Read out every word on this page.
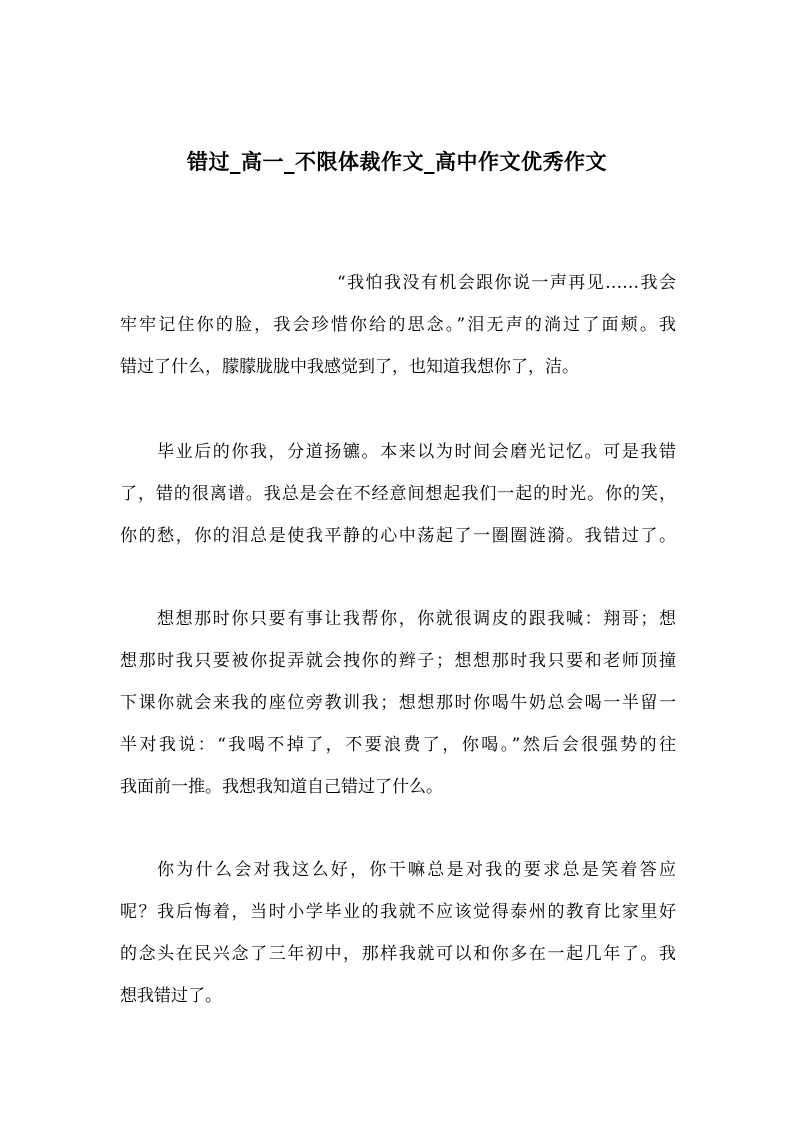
错过_高一_不限体裁作文_高中作文优秀作文
“我怕我没有机会跟你说一声再见……我会
牢牢记住你的脸，我会珍惜你给的思念。”泪无声的淌过了面颊。我
错过了什么，朦朦胧胧中我感觉到了，也知道我想你了，洁。
毕业后的你我，分道扬镳。本来以为时间会磨光记忆。可是我错
了，错的很离谱。我总是会在不经意间想起我们一起的时光。你的笑，
你的愁，你的泪总是使我平静的心中荡起了一圈圈涟漪。我错过了。
想想那时你只要有事让我帮你，你就很调皮的跟我喊：翔哥；想
想那时我只要被你捉弄就会拽你的辫子；想想那时我只要和老师顶撞
下课你就会来我的座位旁教训我；想想那时你喝牛奶总会喝一半留一
半对我说：“我喝不掉了，不要浪费了，你喝。”然后会很强势的往
我面前一推。我想我知道自己错过了什么。
你为什么会对我这么好，你干嘛总是对我的要求总是笑着答应
呢？我后悔着，当时小学毕业的我就不应该觉得泰州的教育比家里好
的念头在民兴念了三年初中，那样我就可以和你多在一起几年了。我
想我错过了。
